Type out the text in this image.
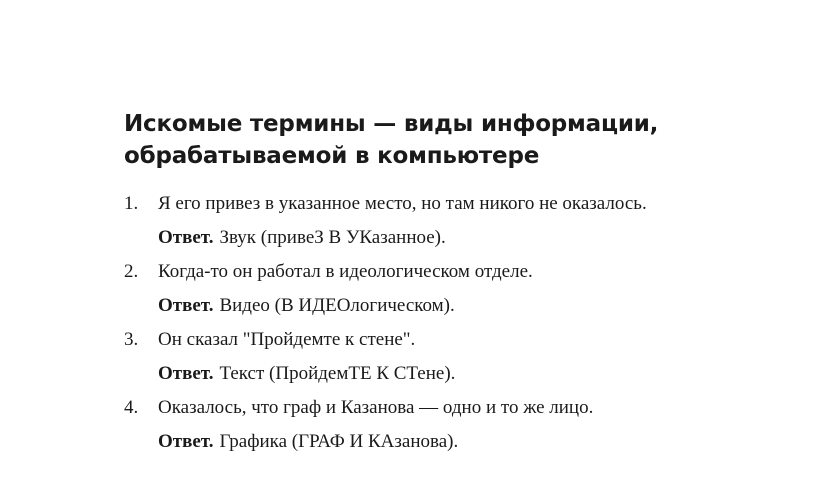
Искомые термины — виды информации,
обрабатываемой в компьютере
1. Я его привез в указанное место, но там никого не оказалось.
Ответ. Звук (привеЗ В УКазанное).
2. Когда-то он работал в идеологическом отделе.
Ответ. Видео (В ИДЕОлогическом).
3. Он сказал "Пройдемте к стене".
Ответ. Текст (ПройдемТЕ К СТене).
4. Оказалось, что граф и Казанова — одно и то же лицо.
Ответ. Графика (ГРАФ И КАзанова).
